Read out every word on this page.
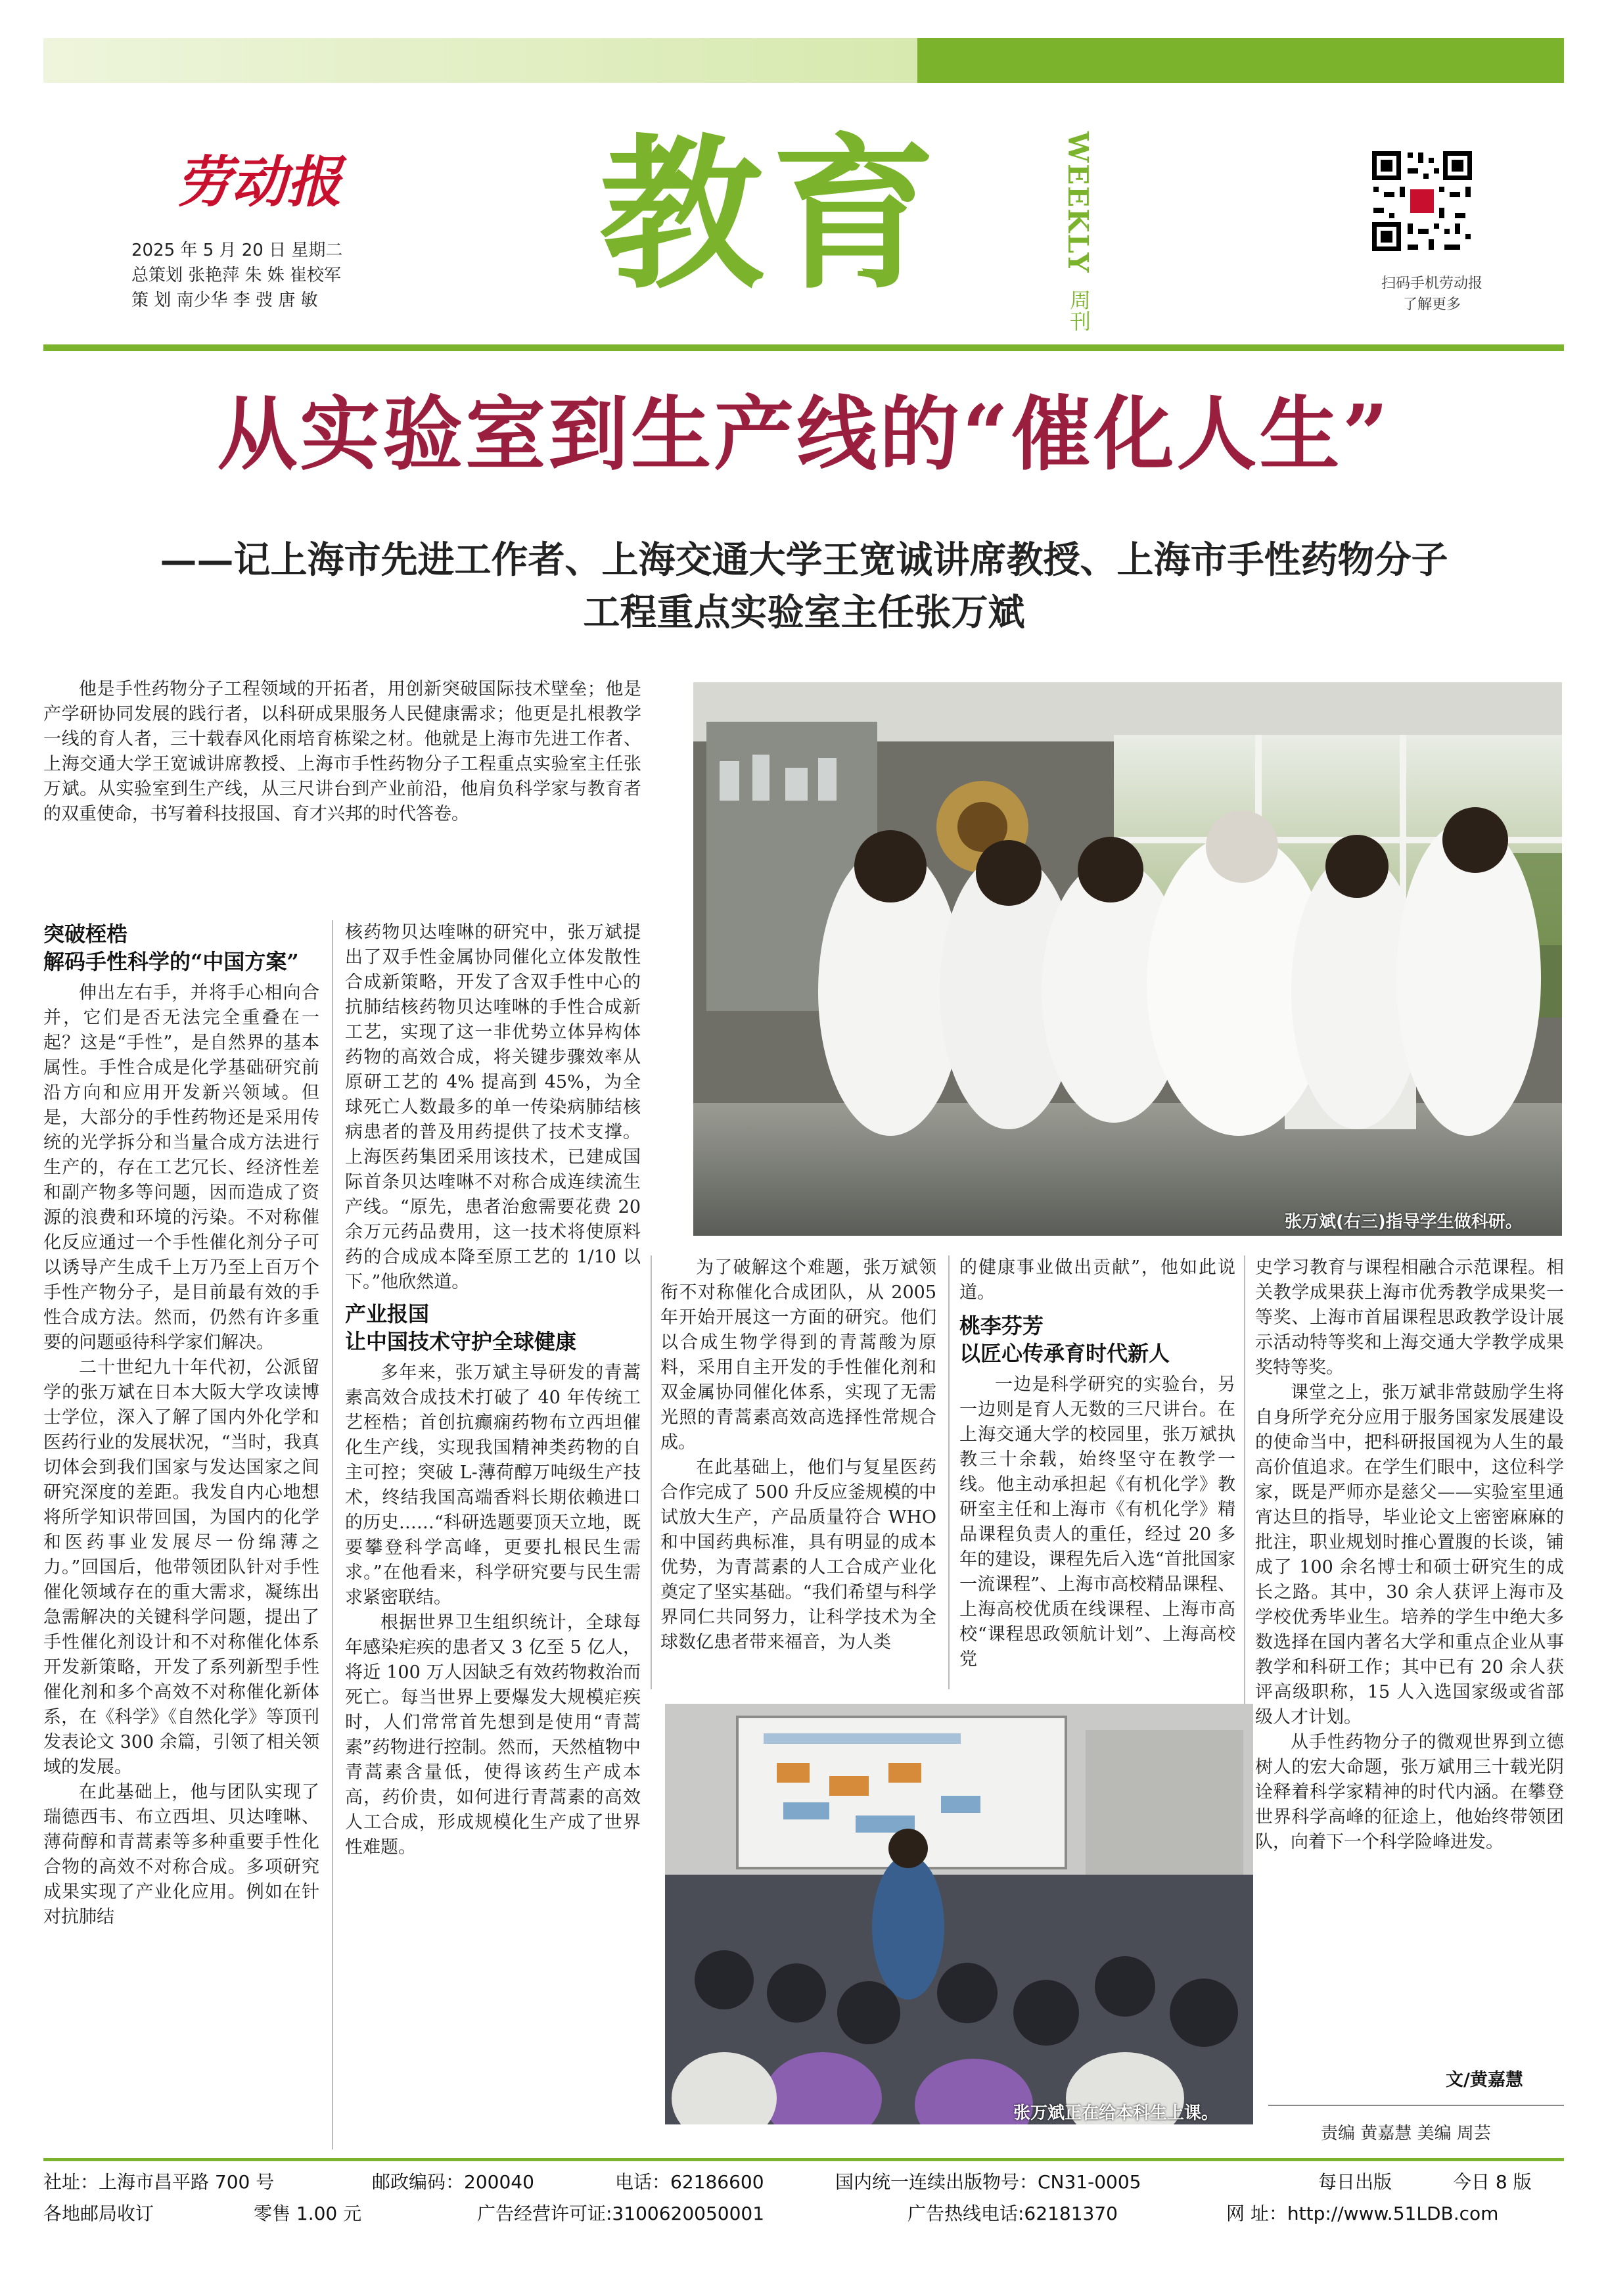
中国教育工会上海市委员会 劳动报社联合主办
劳动报
2025 年 5 月 20 日 星期二
总策划 张艳萍 朱 姝 崔校军
策 划 南少华 李 弢 唐 敏 教育	WEEKLY
周刊
扫码手机劳动报
了解更多
从实验室到生产线的“催化人生”
——记上海市先进工作者、上海交通大学王宽诚讲席教授、上海市手性药物分子
工程重点实验室主任张万斌

他是手性药物分子工程领域的开拓者，用创新突破国际技术壁垒；他是产学研协同发展的践行者，以科研成果服务人民健康需求；他更是扎根教学一线的育人者，三十载春风化雨培育栋梁之材。他就是上海市先进工作者、上海交通大学王宽诚讲席教授、上海市手性药物分子工程重点实验室主任张万斌。从实验室到生产线，从三尺讲台到产业前沿，他肩负科学家与教育者的双重使命，书写着科技报国、育才兴邦的时代答卷。

张万斌(右三)指导学生做科研。
突破桎梏
解码手性科学的“中国方案”

伸出左右手，并将手心相向合并，它们是否无法完全重叠在一起？这是“手性”，是自然界的基本属性。手性合成是化学基础研究前沿方向和应用开发新兴领域。但是，大部分的手性药物还是采用传统的光学拆分和当量合成方法进行生产的，存在工艺冗长、经济性差和副产物多等问题，因而造成了资源的浪费和环境的污染。不对称催化反应通过一个手性催化剂分子可以诱导产生成千上万乃至上百万个手性产物分子，是目前最有效的手性合成方法。然而，仍然有许多重要的问题亟待科学家们解决。

二十世纪九十年代初，公派留学的张万斌在日本大阪大学攻读博士学位，深入了解了国内外化学和医药行业的发展状况，“当时，我真切体会到我们国家与发达国家之间研究深度的差距。我发自内心地想将所学知识带回国，为国内的化学和医药事业发展尽一份绵薄之力。”回国后，他带领团队针对手性催化领域存在的重大需求，凝练出急需解决的关键科学问题，提出了手性催化剂设计和不对称催化体系开发新策略，开发了系列新型手性催化剂和多个高效不对称催化新体系，在《科学》《自然化学》等顶刊发表论文 300 余篇，引领了相关领域的发展。

在此基础上，他与团队实现了瑞德西韦、布立西坦、贝达喹啉、薄荷醇和青蒿素等多种重要手性化合物的高效不对称合成。多项研究成果实现了产业化应用。例如在针对抗肺结

核药物贝达喹啉的研究中，张万斌提出了双手性金属协同催化立体发散性合成新策略，开发了含双手性中心的抗肺结核药物贝达喹啉的手性合成新工艺，实现了这一非优势立体异构体药物的高效合成，将关键步骤效率从原研工艺的 4% 提高到 45%，为全球死亡人数最多的单一传染病肺结核病患者的普及用药提供了技术支撑。上海医药集团采用该技术，已建成国际首条贝达喹啉不对称合成连续流生产线。“原先，患者治愈需要花费 20 余万元药品费用，这一技术将使原料药的合成成本降至原工艺的 1/10 以下。”他欣然道。

产业报国
让中国技术守护全球健康

多年来，张万斌主导研发的青蒿素高效合成技术打破了 40 年传统工艺桎梏；首创抗癫痫药物布立西坦催化生产线，实现我国精神类药物的自主可控；突破 L-薄荷醇万吨级生产技术，终结我国高端香料长期依赖进口的历史……“科研选题要顶天立地，既要攀登科学高峰，更要扎根民生需求。”在他看来，科学研究要与民生需求紧密联结。

根据世界卫生组织统计，全球每年感染疟疾的患者又 3 亿至 5 亿人，将近 100 万人因缺乏有效药物救治而死亡。每当世界上要爆发大规模疟疾时，人们常常首先想到是使用“青蒿素”药物进行控制。然而，天然植物中青蒿素含量低，使得该药生产成本高，药价贵，如何进行青蒿素的高效人工合成，形成规模化生产成了世界性难题。

为了破解这个难题，张万斌领衔不对称催化合成团队，从 2005 年开始开展这一方面的研究。他们以合成生物学得到的青蒿酸为原料，采用自主开发的手性催化剂和双金属协同催化体系，实现了无需光照的青蒿素高效高选择性常规合成。

在此基础上，他们与复星医药合作完成了 500 升反应釜规模的中试放大生产，产品质量符合 WHO 和中国药典标准，具有明显的成本优势，为青蒿素的人工合成产业化奠定了坚实基础。“我们希望与科学界同仁共同努力，让科学技术为全球数亿患者带来福音，为人类

的健康事业做出贡献”，他如此说道。

桃李芬芳
以匠心传承育时代新人

一边是科学研究的实验台，另一边则是育人无数的三尺讲台。在上海交通大学的校园里，张万斌执教三十余载，始终坚守在教学一线。他主动承担起《有机化学》教研室主任和上海市《有机化学》精品课程负责人的重任，经过 20 多年的建设，课程先后入选“首批国家一流课程”、上海市高校精品课程、上海高校优质在线课程、上海市高校“课程思政领航计划”、上海高校党

史学习教育与课程相融合示范课程。相关教学成果获上海市优秀教学成果奖一等奖、上海市首届课程思政教学设计展示活动特等奖和上海交通大学教学成果奖特等奖。

课堂之上，张万斌非常鼓励学生将自身所学充分应用于服务国家发展建设的使命当中，把科研报国视为人生的最高价值追求。在学生们眼中，这位科学家，既是严师亦是慈父——实验室里通宵达旦的指导，毕业论文上密密麻麻的批注，职业规划时推心置腹的长谈，铺成了 100 余名博士和硕士研究生的成长之路。其中，30 余人获评上海市及学校优秀毕业生。培养的学生中绝大多数选择在国内著名大学和重点企业从事教学和科研工作；其中已有 20 余人获评高级职称，15 人入选国家级或省部级人才计划。

从手性药物分子的微观世界到立德树人的宏大命题，张万斌用三十载光阴诠释着科学家精神的时代内涵。在攀登世界科学高峰的征途上，他始终带领团队，向着下一个科学险峰进发。

张万斌正在给本科生上课。
文/黄嘉慧
责编 黄嘉慧 美编 周芸
社址：上海市昌平路 700 号	邮政编码：200040	电话：62186600	国内统一连续出版物号：CN31-0005	每日出版	今日 8 版
各地邮局收订	零售 1.00 元	广告经营许可证:3100620050001	广告热线电话:62181370	网 址：http://www.51LDB.com
